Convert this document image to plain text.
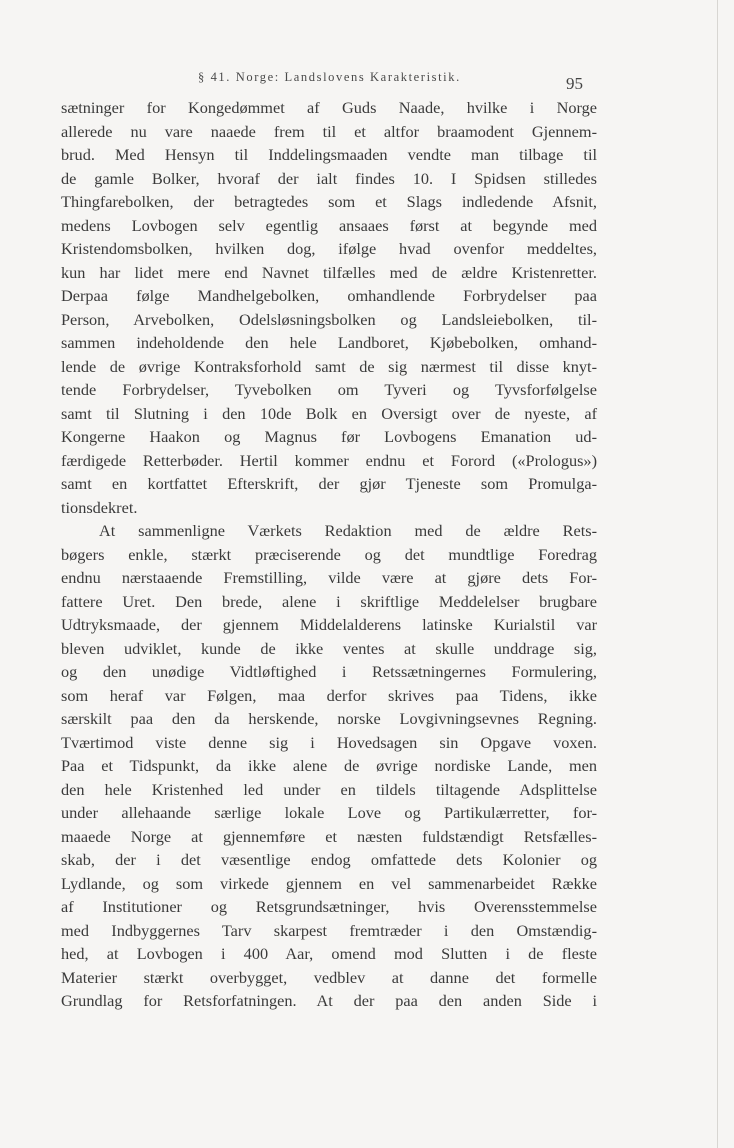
§ 41. Norge: Landslovens Karakteristik.	95
sætninger for Kongedømmet af Guds Naade, hvilke i Norge
allerede nu vare naaede frem til et altfor braamodent Gjennem-
brud. Med Hensyn til Inddelingsmaaden vendte man tilbage til
de gamle Bolker, hvoraf der ialt findes 10. I Spidsen stilledes
Thingfarebolken, der betragtedes som et Slags indledende Afsnit,
medens Lovbogen selv egentlig ansaaes først at begynde med
Kristendomsbolken, hvilken dog, ifølge hvad ovenfor meddeltes,
kun har lidet mere end Navnet tilfælles med de ældre Kristenretter.
Derpaa følge Mandhelgebolken, omhandlende Forbrydelser paa
Person, Arvebolken, Odelsløsningsbolken og Landsleiebolken, til-
sammen indeholdende den hele Landboret, Kjøbebolken, omhand-
lende de øvrige Kontraksforhold samt de sig nærmest til disse knyt-
tende Forbrydelser, Tyvebolken om Tyveri og Tyvsforfølgelse
samt til Slutning i den 10de Bolk en Oversigt over de nyeste, af
Kongerne Haakon og Magnus før Lovbogens Emanation ud-
færdigede Retterbøder. Hertil kommer endnu et Forord («Prologus»)
samt en kortfattet Efterskrift, der gjør Tjeneste som Promulga-
tionsdekret.
At sammenligne Værkets Redaktion med de ældre Rets-
bøgers enkle, stærkt præciserende og det mundtlige Foredrag
endnu nærstaaende Fremstilling, vilde være at gjøre dets For-
fattere Uret. Den brede, alene i skriftlige Meddelelser brugbare
Udtryksmaade, der gjennem Middelalderens latinske Kurialstil var
bleven udviklet, kunde de ikke ventes at skulle unddrage sig,
og den unødige Vidtløftighed i Retssætningernes Formulering,
som heraf var Følgen, maa derfor skrives paa Tidens, ikke
særskilt paa den da herskende, norske Lovgivningsevnes Regning.
Tværtimod viste denne sig i Hovedsagen sin Opgave voxen.
Paa et Tidspunkt, da ikke alene de øvrige nordiske Lande, men
den hele Kristenhed led under en tildels tiltagende Adsplittelse
under allehaande særlige lokale Love og Partikulærretter, for-
maaede Norge at gjennemføre et næsten fuldstændigt Retsfælles-
skab, der i det væsentlige endog omfattede dets Kolonier og
Lydlande, og som virkede gjennem en vel sammenarbeidet Række
af Institutioner og Retsgrundsætninger, hvis Overensstemmelse
med Indbyggernes Tarv skarpest fremtræder i den Omstændig-
hed, at Lovbogen i 400 Aar, omend mod Slutten i de fleste
Materier stærkt overbygget, vedblev at danne det formelle
Grundlag for Retsforfatningen. At der paa den anden Side i
